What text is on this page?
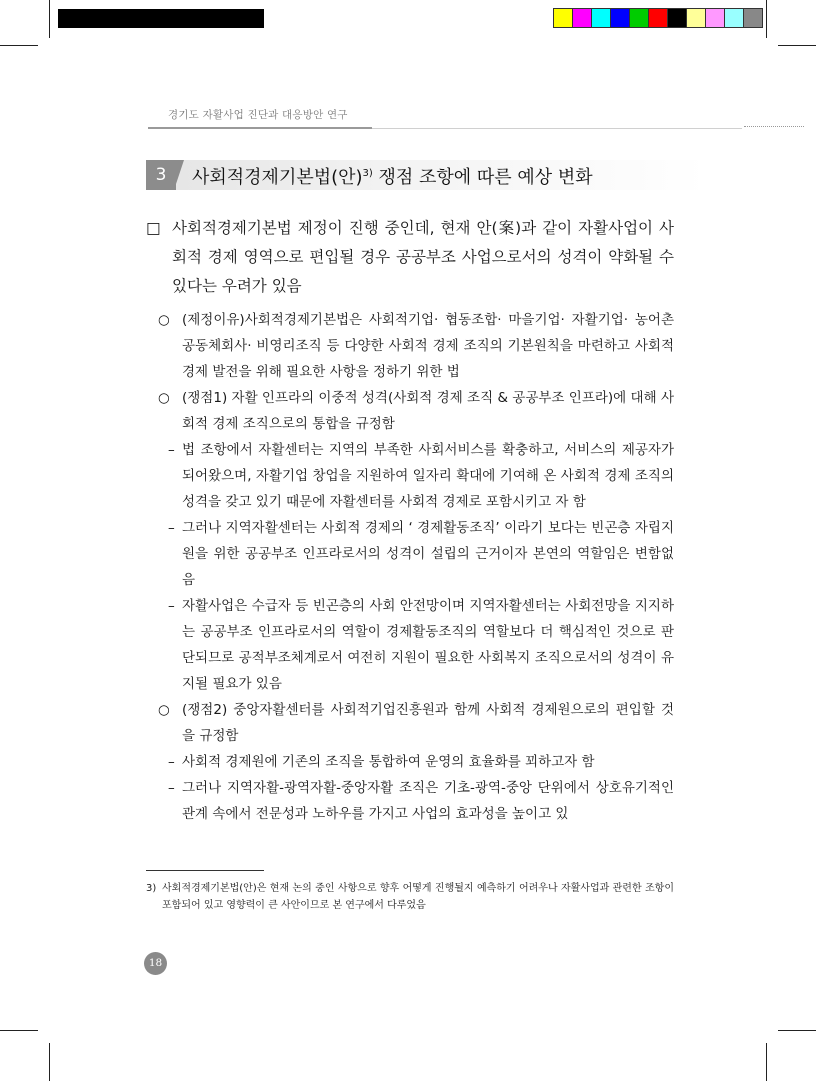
경기도 자활사업 진단과 대응방안 연구
3	사회적경제기본법(안)$^{3)}$ 쟁점 조항에 따른 예상 변화
□ 사회적경제기본법 제정이 진행 중인데, 현재 안(案)과 같이 자활사업이 사회적 경제 영역으로 편입될 경우 공공부조 사업으로서의 성격이 약화될 수 있다는 우려가 있음
○ (제정이유)사회적경제기본법은 사회적기업· 협동조합· 마을기업· 자활기업· 농어촌 공동체회사· 비영리조직 등 다양한 사회적 경제 조직의 기본원칙을 마련하고 사회적 경제 발전을 위해 필요한 사항을 정하기 위한 법
○ (쟁점1) 자활 인프라의 이중적 성격(사회적 경제 조직 & 공공부조 인프라)에 대해 사회적 경제 조직으로의 통합을 규정함
– 법 조항에서 자활센터는 지역의 부족한 사회서비스를 확충하고, 서비스의 제공자가 되어왔으며, 자활기업 창업을 지원하여 일자리 확대에 기여해 온 사회적 경제 조직의 성격을 갖고 있기 때문에 자활센터를 사회적 경제로 포함시키고 자 함
– 그러나 지역자활센터는 사회적 경제의 ‘ 경제활동조직’ 이라기 보다는 빈곤층 자립지원을 위한 공공부조 인프라로서의 성격이 설립의 근거이자 본연의 역할임은 변함없음
– 자활사업은 수급자 등 빈곤층의 사회 안전망이며 지역자활센터는 사회전망을 지지하는 공공부조 인프라로서의 역할이 경제활동조직의 역할보다 더 핵심적인 것으로 판단되므로 공적부조체계로서 여전히 지원이 필요한 사회복지 조직으로서의 성격이 유지될 필요가 있음
○ (쟁점2) 중앙자활센터를 사회적기업진흥원과 함께 사회적 경제원으로의 편입할 것을 규정함
– 사회적 경제원에 기존의 조직을 통합하여 운영의 효율화를 꾀하고자 함
– 그러나 지역자활-광역자활-중앙자활 조직은 기초-광역-중앙 단위에서 상호유기적인 관계 속에서 전문성과 노하우를 가지고 사업의 효과성을 높이고 있
3) 사회적경제기본법(안)은 현재 논의 중인 사항으로 향후 어떻게 진행될지 예측하기 어려우나 자활사업과 관련한 조항이 포함되어 있고 영향력이 큰 사안이므로 본 연구에서 다루었음
18
